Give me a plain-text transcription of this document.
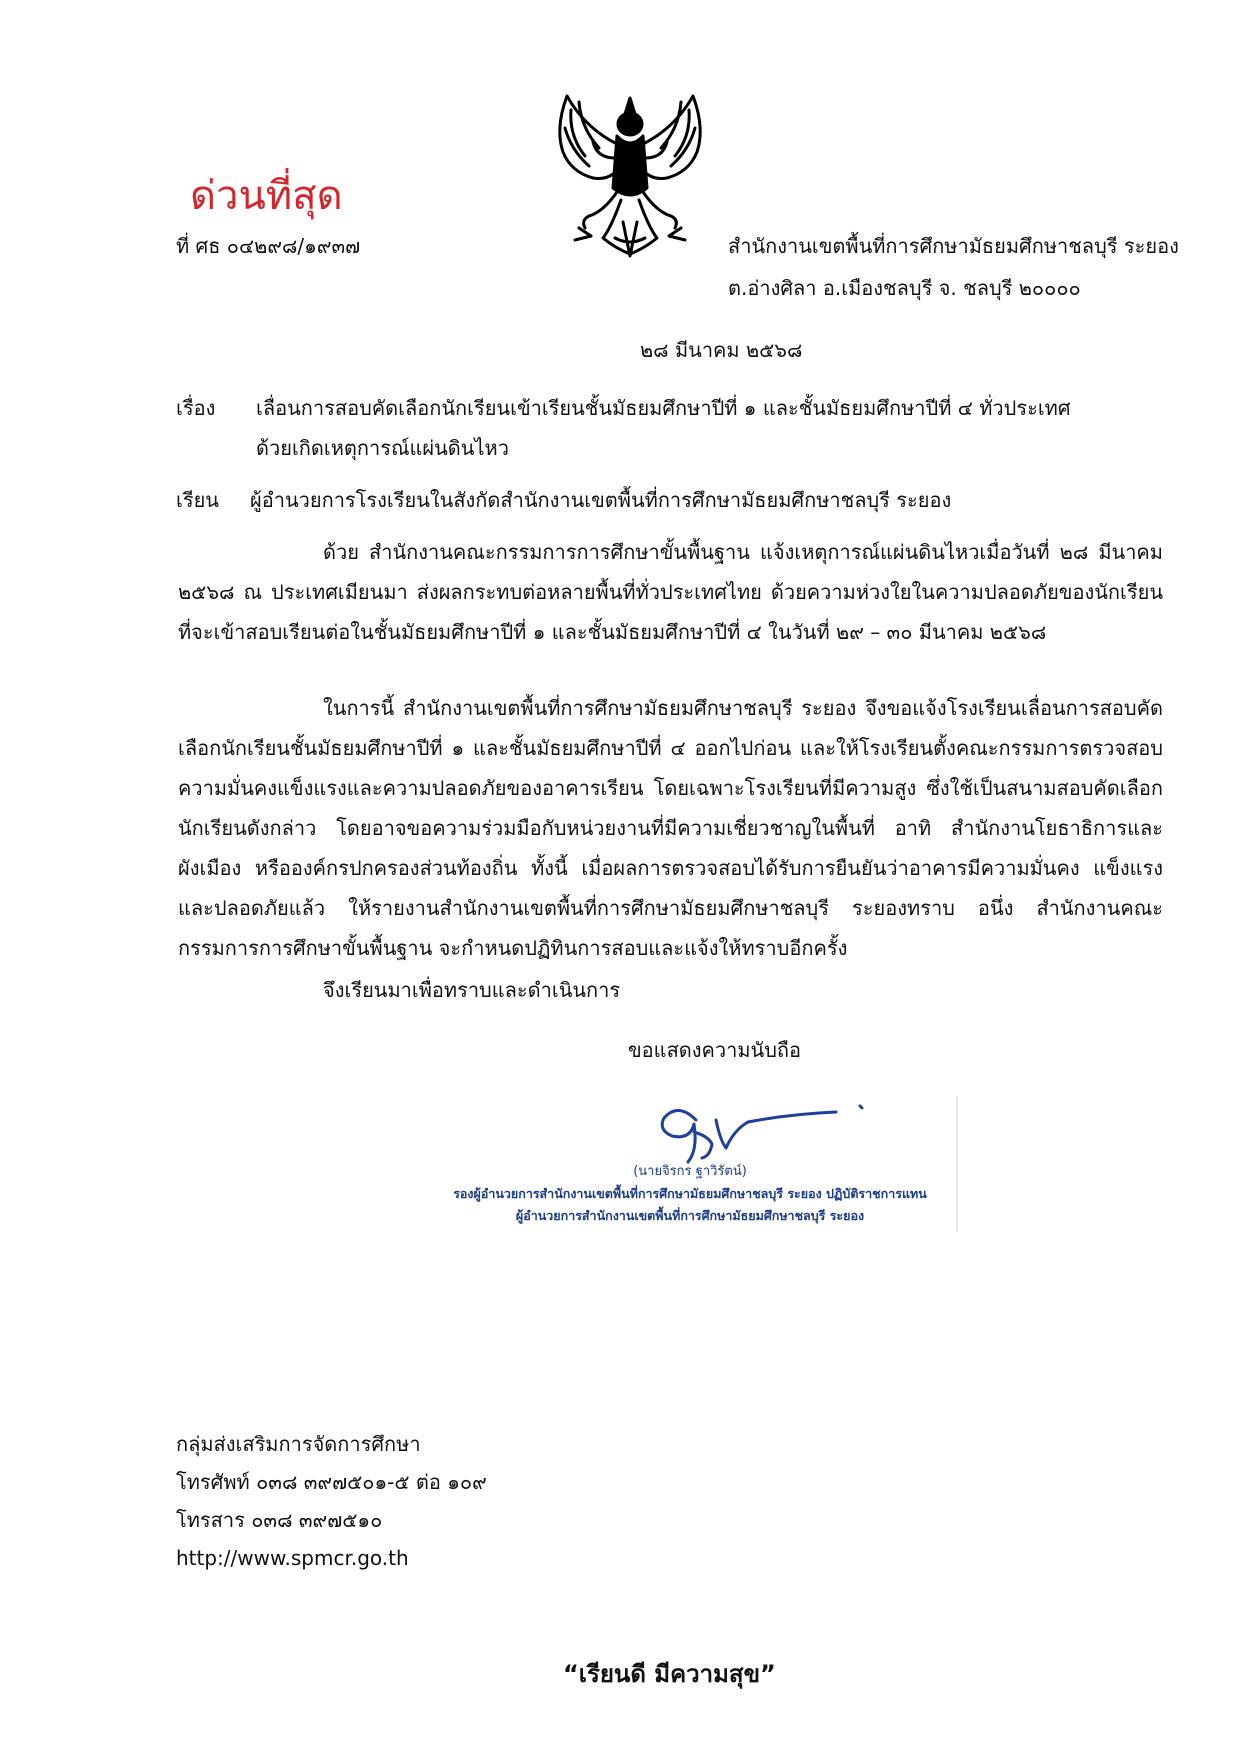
ด่วนที่สุด
ที่ ศธ ๐๔๒๙๘/๑๙๓๗	สำนักงานเขตพื้นที่การศึกษามัธยมศึกษาชลบุรี ระยอง
ต.อ่างศิลา อ.เมืองชลบุรี จ. ชลบุรี ๒๐๐๐๐
๒๘ มีนาคม ๒๕๖๘
เรื่อง เลื่อนการสอบคัดเลือกนักเรียนเข้าเรียนชั้นมัธยมศึกษาปีที่ ๑ และชั้นมัธยมศึกษาปีที่ ๔ ทั่วประเทศ
ด้วยเกิดเหตุการณ์แผ่นดินไหว
เรียน ผู้อำนวยการโรงเรียนในสังกัดสำนักงานเขตพื้นที่การศึกษามัธยมศึกษาชลบุรี ระยอง
ด้วย สำนักงานคณะกรรมการการศึกษาขั้นพื้นฐาน แจ้งเหตุการณ์แผ่นดินไหวเมื่อวันที่ ๒๘ มีนาคม ๒๕๖๘ ณ ประเทศเมียนมา ส่งผลกระทบต่อหลายพื้นที่ทั่วประเทศไทย ด้วยความห่วงใยในความปลอดภัยของนักเรียนที่จะเข้าสอบเรียนต่อในชั้นมัธยมศึกษาปีที่ ๑ และชั้นมัธยมศึกษาปีที่ ๔ ในวันที่ ๒๙ – ๓๐ มีนาคม ๒๕๖๘
ในการนี้ สำนักงานเขตพื้นที่การศึกษามัธยมศึกษาชลบุรี ระยอง จึงขอแจ้งโรงเรียนเลื่อนการสอบคัดเลือกนักเรียนชั้นมัธยมศึกษาปีที่ ๑ และชั้นมัธยมศึกษาปีที่ ๔ ออกไปก่อน และให้โรงเรียนตั้งคณะกรรมการตรวจสอบความมั่นคงแข็งแรงและความปลอดภัยของอาคารเรียน โดยเฉพาะโรงเรียนที่มีความสูง ซึ่งใช้เป็นสนามสอบคัดเลือกนักเรียนดังกล่าว โดยอาจขอความร่วมมือกับหน่วยงานที่มีความเชี่ยวชาญในพื้นที่ อาทิ สำนักงานโยธาธิการและผังเมือง หรือองค์กรปกครองส่วนท้องถิ่น ทั้งนี้ เมื่อผลการตรวจสอบได้รับการยืนยันว่าอาคารมีความมั่นคง แข็งแรง และปลอดภัยแล้ว ให้รายงานสำนักงานเขตพื้นที่การศึกษามัธยมศึกษาชลบุรี ระยองทราบ อนึ่ง สำนักงานคณะกรรมการการศึกษาขั้นพื้นฐาน จะกำหนดปฏิทินการสอบและแจ้งให้ทราบอีกครั้ง
จึงเรียนมาเพื่อทราบและดำเนินการ
ขอแสดงความนับถือ
(นายจิรกร ฐาวิรัตน์)
รองผู้อำนวยการสำนักงานเขตพื้นที่การศึกษามัธยมศึกษาชลบุรี ระยอง ปฏิบัติราชการแทน
ผู้อำนวยการสำนักงานเขตพื้นที่การศึกษามัธยมศึกษาชลบุรี ระยอง
กลุ่มส่งเสริมการจัดการศึกษา
โทรศัพท์ ๐๓๘ ๓๙๗๕๐๑-๕ ต่อ ๑๐๙
โทรสาร ๐๓๘ ๓๙๗๕๑๐
http://www.spmcr.go.th
“เรียนดี มีความสุข”
